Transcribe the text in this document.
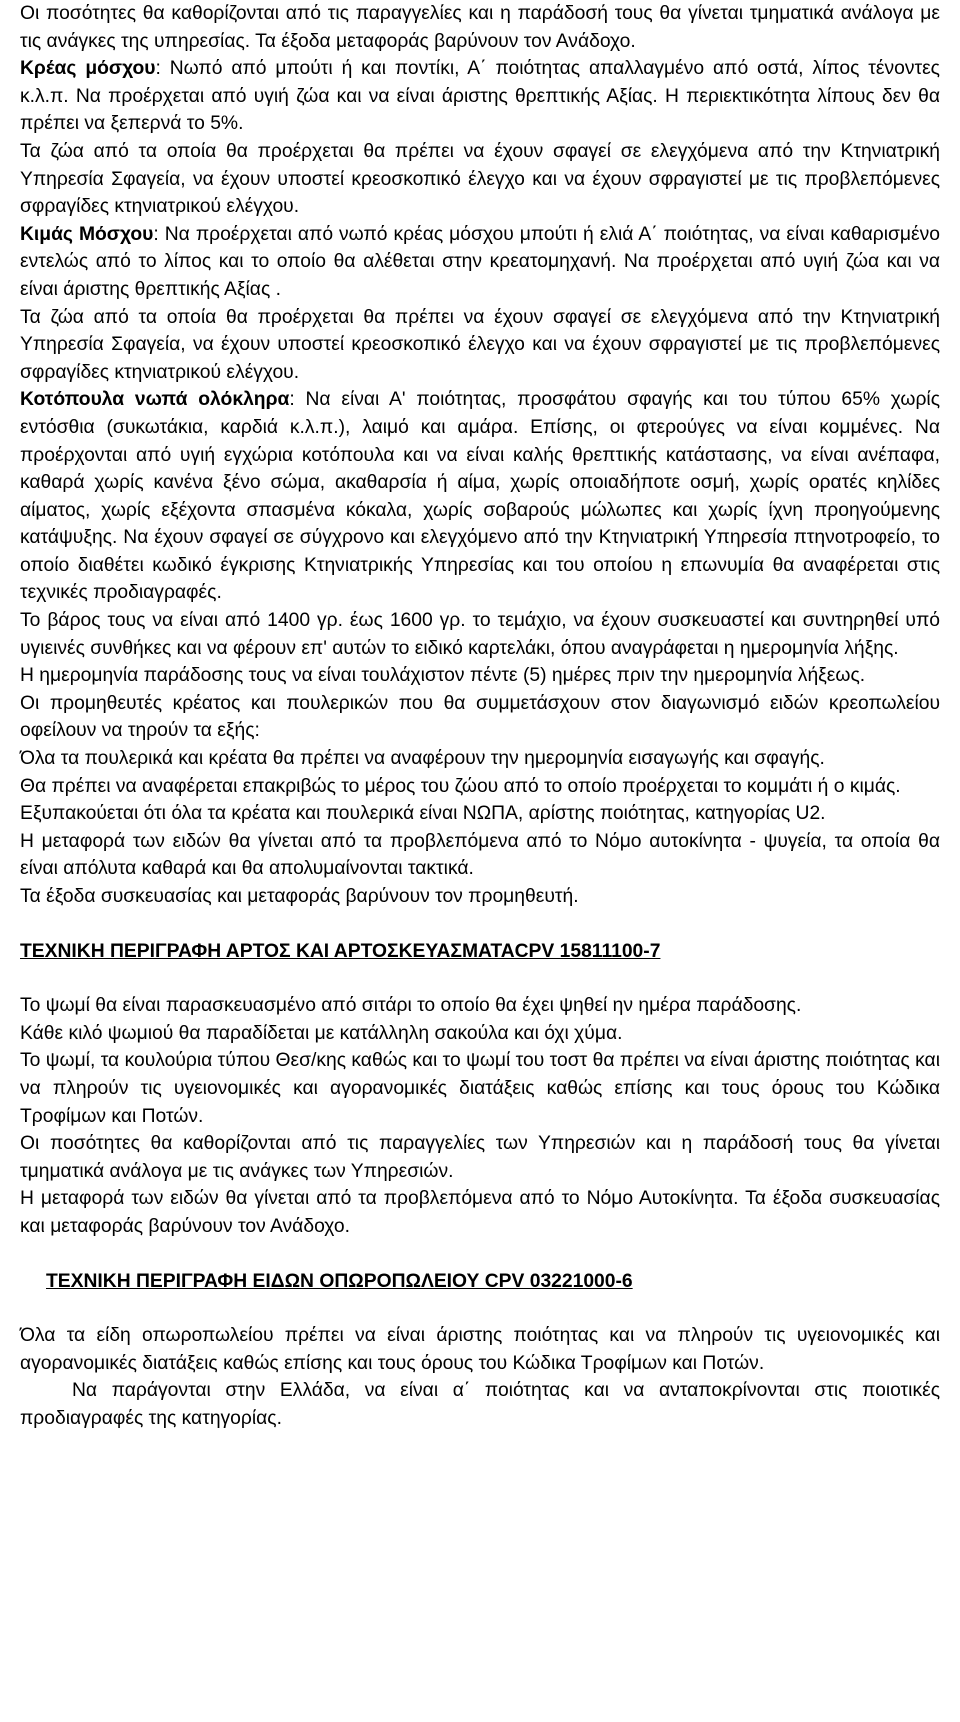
Οι ποσότητες θα καθορίζονται από τις παραγγελίες και η παράδοσή τους θα γίνεται τμηματικά ανάλογα με τις ανάγκες της υπηρεσίας. Τα έξοδα μεταφοράς βαρύνουν τον Ανάδοχο.

Κρέας μόσχου: Νωπό από μπούτι ή και ποντίκι, Α΄ ποιότητας απαλλαγμένο από οστά, λίπος τένοντες κ.λ.π. Να προέρχεται από υγιή ζώα και να είναι άριστης θρεπτικής Αξίας. Η περιεκτικότητα λίπους δεν θα πρέπει να ξεπερνά το 5%.

Τα ζώα από τα οποία θα προέρχεται θα πρέπει να έχουν σφαγεί σε ελεγχόμενα από την Κτηνιατρική Υπηρεσία Σφαγεία, να έχουν υποστεί κρεοσκοπικό έλεγχο και να έχουν σφραγιστεί με τις προβλεπόμενες σφραγίδες κτηνιατρικού ελέγχου.

Κιμάς Μόσχου: Να προέρχεται από νωπό κρέας μόσχου μπούτι ή ελιά Α΄ ποιότητας, να είναι καθαρισμένο εντελώς από το λίπος και το οποίο θα αλέθεται στην κρεατομηχανή. Να προέρχεται από υγιή ζώα και να είναι άριστης θρεπτικής Αξίας .

Τα ζώα από τα οποία θα προέρχεται θα πρέπει να έχουν σφαγεί σε ελεγχόμενα από την Κτηνιατρική Υπηρεσία Σφαγεία, να έχουν υποστεί κρεοσκοπικό έλεγχο και να έχουν σφραγιστεί με τις προβλεπόμενες σφραγίδες κτηνιατρικού ελέγχου.

Κοτόπουλα νωπά ολόκληρα: Να είναι Α' ποιότητας, προσφάτου σφαγής και του τύπου 65% χωρίς εντόσθια (συκωτάκια, καρδιά κ.λ.π.), λαιμό και αμάρα. Επίσης, οι φτερούγες να είναι κομμένες. Να προέρχονται από υγιή εγχώρια κοτόπουλα και να είναι καλής θρεπτικής κατάστασης, να είναι ανέπαφα, καθαρά χωρίς κανένα ξένο σώμα, ακαθαρσία ή αίμα, χωρίς οποιαδήποτε οσμή, χωρίς ορατές κηλίδες αίματος, χωρίς εξέχοντα σπασμένα κόκαλα, χωρίς σοβαρούς μώλωπες και χωρίς ίχνη προηγούμενης κατάψυξης. Να έχουν σφαγεί σε σύγχρονο και ελεγχόμενο από την Κτηνιατρική Υπηρεσία πτηνοτροφείο, το οποίο διαθέτει κωδικό έγκρισης Κτηνιατρικής Υπηρεσίας και του οποίου η επωνυμία θα αναφέρεται στις τεχνικές προδιαγραφές.

Το βάρος τους να είναι από 1400 γρ. έως 1600 γρ. το τεμάχιο, να έχουν συσκευαστεί και συντηρηθεί υπό υγιεινές συνθήκες και να φέρουν επ' αυτών το ειδικό καρτελάκι, όπου αναγράφεται η ημερομηνία λήξης.

Η ημερομηνία παράδοσης τους να είναι τουλάχιστον πέντε (5) ημέρες πριν την ημερομηνία λήξεως.

Οι προμηθευτές κρέατος και πουλερικών που θα συμμετάσχουν στον διαγωνισμό ειδών κρεοπωλείου οφείλουν να τηρούν τα εξής:

Όλα τα πουλερικά και κρέατα θα πρέπει να αναφέρουν την ημερομηνία εισαγωγής και σφαγής.

Θα πρέπει να αναφέρεται επακριβώς το μέρος του ζώου από το οποίο προέρχεται το κομμάτι ή ο κιμάς.

Εξυπακούεται ότι όλα τα κρέατα και πουλερικά είναι ΝΩΠΑ, αρίστης ποιότητας, κατηγορίας U2.

Η μεταφορά των ειδών θα γίνεται από τα προβλεπόμενα από το Νόμο αυτοκίνητα - ψυγεία, τα οποία θα είναι απόλυτα καθαρά και θα απολυμαίνονται τακτικά.

Τα έξοδα συσκευασίας και μεταφοράς βαρύνουν τον προμηθευτή.

ΤΕΧΝΙΚΗ ΠΕΡΙΓΡΑΦΗ ΑΡΤΟΣ ΚΑΙ ΑΡΤΟΣΚΕΥΑΣΜΑΤΑCPV 15811100-7

Το ψωμί θα είναι παρασκευασμένο από σιτάρι το οποίο θα έχει ψηθεί ην ημέρα παράδοσης.

Κάθε κιλό ψωμιού θα παραδίδεται με κατάλληλη σακούλα και όχι χύμα.

Το ψωμί, τα κουλούρια τύπου Θεσ/κης καθώς και το ψωμί του τοστ θα πρέπει να είναι άριστης ποιότητας και να πληρούν τις υγειονομικές και αγορανομικές διατάξεις καθώς επίσης και τους όρους του Κώδικα Τροφίμων και Ποτών.

Οι ποσότητες θα καθορίζονται από τις παραγγελίες των Υπηρεσιών και η παράδοσή τους θα γίνεται τμηματικά ανάλογα με τις ανάγκες των Υπηρεσιών.

Η μεταφορά των ειδών θα γίνεται από τα προβλεπόμενα από το Νόμο Αυτοκίνητα. Τα έξοδα συσκευασίας και μεταφοράς βαρύνουν τον Ανάδοχο.

ΤΕΧΝΙΚΗ ΠΕΡΙΓΡΑΦΗ ΕΙΔΩΝ ΟΠΩΡΟΠΩΛΕΙΟΥ CPV 03221000-6

Όλα τα είδη οπωροπωλείου πρέπει να είναι άριστης ποιότητας και να πληρούν τις υγειονομικές και αγορανομικές διατάξεις καθώς επίσης και τους όρους του Κώδικα Τροφίμων και Ποτών.

Να παράγονται στην Ελλάδα, να είναι α΄ ποιότητας και να ανταποκρίνονται στις ποιοτικές προδιαγραφές της κατηγορίας.
